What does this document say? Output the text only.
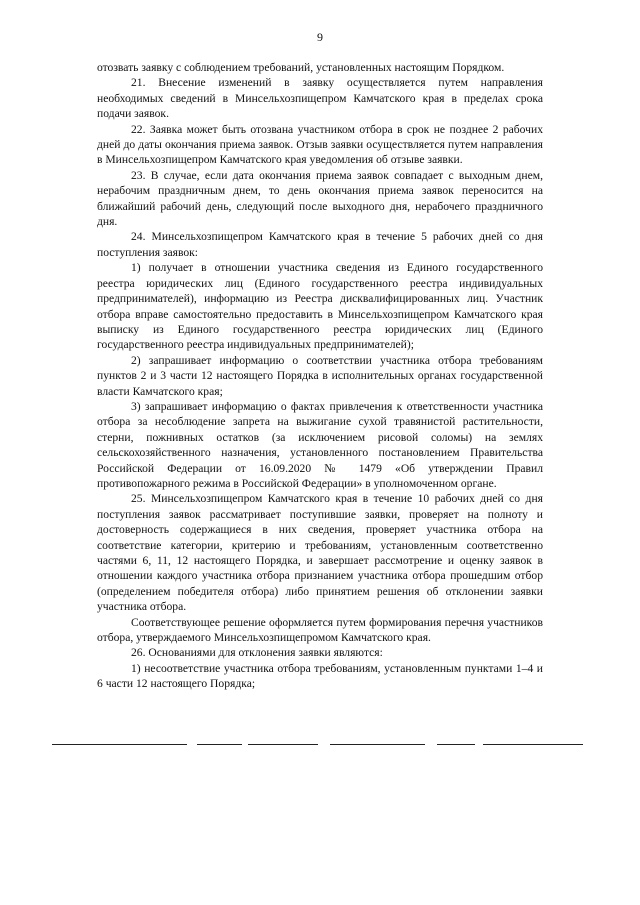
9

отозвать заявку с соблюдением требований, установленных настоящим Порядком.

21. Внесение изменений в заявку осуществляется путем направления необходимых сведений в Минсельхозпищепром Камчатского края в пределах срока подачи заявок.

22. Заявка может быть отозвана участником отбора в срок не позднее 2 рабочих дней до даты окончания приема заявок. Отзыв заявки осуществляется путем направления в Минсельхозпищепром Камчатского края уведомления об отзыве заявки.

23. В случае, если дата окончания приема заявок совпадает с выходным днем, нерабочим праздничным днем, то день окончания приема заявок переносится на ближайший рабочий день, следующий после выходного дня, нерабочего праздничного дня.

24. Минсельхозпищепром Камчатского края в течение 5 рабочих дней со дня поступления заявок:

1) получает в отношении участника сведения из Единого государственного реестра юридических лиц (Единого государственного реестра индивидуальных предпринимателей), информацию из Реестра дисквалифицированных лиц. Участник отбора вправе самостоятельно предоставить в Минсельхозпищепром Камчатского края выписку из Единого государственного реестра юридических лиц (Единого государственного реестра индивидуальных предпринимателей);

2) запрашивает информацию о соответствии участника отбора требованиям пунктов 2 и 3 части 12 настоящего Порядка в исполнительных органах государственной власти Камчатского края;

3) запрашивает информацию о фактах привлечения к ответственности участника отбора за несоблюдение запрета на выжигание сухой травянистой растительности, стерни, пожнивных остатков (за исключением рисовой соломы) на землях сельскохозяйственного назначения, установленного постановлением Правительства Российской Федерации от 16.09.2020 № 1479 «Об утверждении Правил противопожарного режима в Российской Федерации» в уполномоченном органе.

25. Минсельхозпищепром Камчатского края в течение 10 рабочих дней со дня поступления заявок рассматривает поступившие заявки, проверяет на полноту и достоверность содержащиеся в них сведения, проверяет участника отбора на соответствие категории, критерию и требованиям, установленным соответственно частями 6, 11, 12 настоящего Порядка, и завершает рассмотрение и оценку заявок в отношении каждого участника отбора признанием участника отбора прошедшим отбор (определением победителя отбора) либо принятием решения об отклонении заявки участника отбора.

Соответствующее решение оформляется путем формирования перечня участников отбора, утверждаемого Минсельхозпищепромом Камчатского края.

26. Основаниями для отклонения заявки являются:

1) несоответствие участника отбора требованиям, установленным пунктами 1–4 и 6 части 12 настоящего Порядка;
